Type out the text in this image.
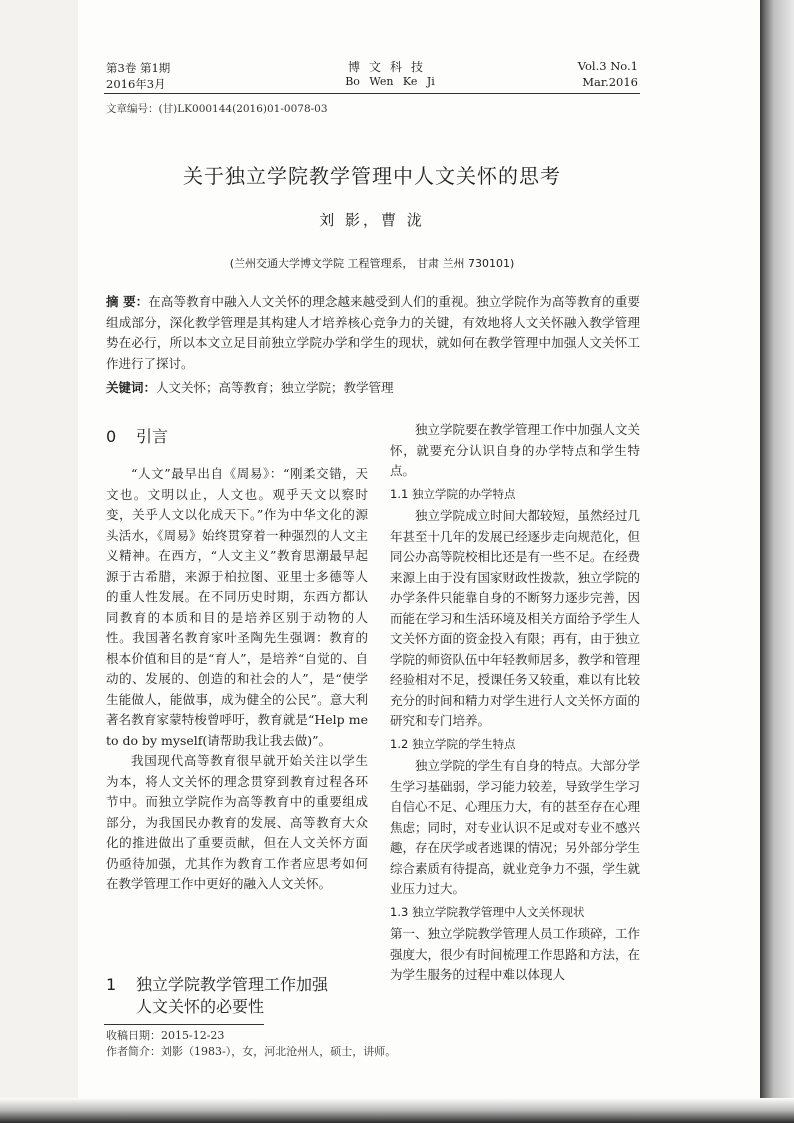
第3卷 第1期
2016年3月
博文科技
Bo Wen Ke Ji
Vol.3 No.1
Mar.2016
文章编号：(甘)LK000144(2016)01-0078-03
关于独立学院教学管理中人文关怀的思考
刘 影，曹 泷
(兰州交通大学博文学院 工程管理系， 甘肃 兰州 730101)
摘 要：在高等教育中融入人文关怀的理念越来越受到人们的重视。独立学院作为高等教育的重要组成部分，深化教学管理是其构建人才培养核心竞争力的关键，有效地将人文关怀融入教学管理势在必行，所以本文立足目前独立学院办学和学生的现状，就如何在教学管理中加强人文关怀工作进行了探讨。
关键词：人文关怀；高等教育；独立学院；教学管理
0 引言

“人文”最早出自《周易》：“刚柔交错，天文也。文明以止，人文也。观乎天文以察时变，关乎人文以化成天下。”作为中华文化的源头活水，《周易》始终贯穿着一种强烈的人文主义精神。在西方，“人文主义”教育思潮最早起源于古希腊，来源于柏拉图、亚里士多德等人的重人性发展。在不同历史时期，东西方都认同教育的本质和目的是培养区别于动物的人性。我国著名教育家叶圣陶先生强调：教育的根本价值和目的是“育人”，是培养“自觉的、自动的、发展的、创造的和社会的人”，是“使学生能做人，能做事，成为健全的公民”。意大利著名教育家蒙特梭曾呼吁，教育就是“Help me to do by myself(请帮助我让我去做)”。

我国现代高等教育很早就开始关注以学生为本，将人文关怀的理念贯穿到教育过程各环节中。而独立学院作为高等教育中的重要组成部分，为我国民办教育的发展、高等教育大众化的推进做出了重要贡献，但在人文关怀方面仍亟待加强，尤其作为教育工作者应思考如何在教学管理工作中更好的融入人文关怀。

1 独立学院教学管理工作加强
人文关怀的必要性

独立学院要在教学管理工作中加强人文关怀，就要充分认识自身的办学特点和学生特点。

1.1 独立学院的办学特点

独立学院成立时间大都较短，虽然经过几年甚至十几年的发展已经逐步走向规范化，但同公办高等院校相比还是有一些不足。在经费来源上由于没有国家财政性拨款，独立学院的办学条件只能靠自身的不断努力逐步完善，因而能在学习和生活环境及相关方面给予学生人文关怀方面的资金投入有限；再有，由于独立学院的师资队伍中年轻教师居多，教学和管理经验相对不足，授课任务又较重，难以有比较充分的时间和精力对学生进行人文关怀方面的研究和专门培养。

1.2 独立学院的学生特点

独立学院的学生有自身的特点。大部分学生学习基础弱，学习能力较差，导致学生学习自信心不足、心理压力大，有的甚至存在心理焦虑；同时，对专业认识不足或对专业不感兴趣，存在厌学或者逃课的情况；另外部分学生综合素质有待提高，就业竞争力不强，学生就业压力过大。

1.3 独立学院教学管理中人文关怀现状

第一、独立学院教学管理人员工作琐碎，工作强度大，很少有时间梳理工作思路和方法，在为学生服务的过程中难以体现人

收稿日期：2015-12-23
作者简介：刘影（1983-），女，河北沧州人，硕士，讲师。
